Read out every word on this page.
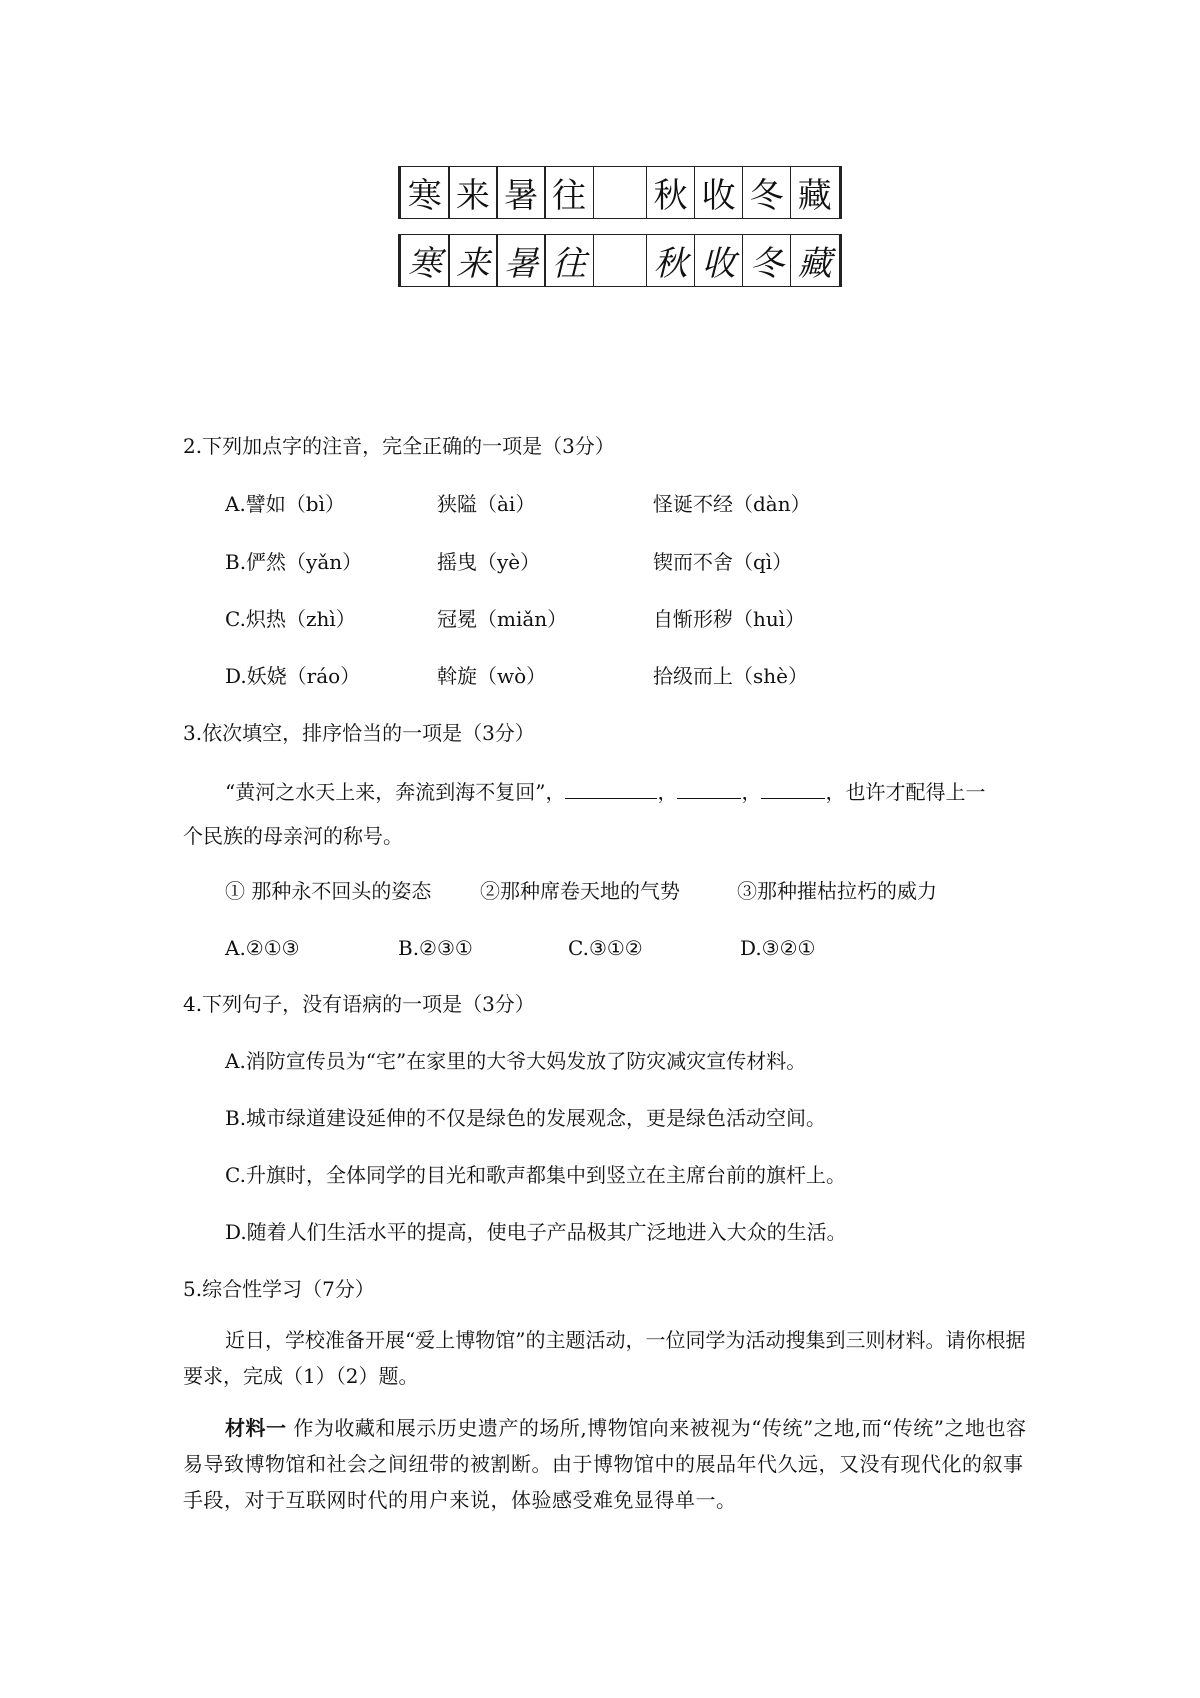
寒 来 暑 往 秋 收 冬 藏
寒 来 暑 往 秋 收 冬 藏
2.下列加点字的注音，完全正确的一项是（3分）
A.譬如（bì）	狭隘（ài）	怪诞不经（dàn）
B.俨然（yǎn）	摇曳（yè）	锲而不舍（qì）
C.炽热（zhì）	冠冕（miǎn）	自惭形秽（huì）
D.妖娆（ráo）	斡旋（wò）	拾级而上（shè）
3.依次填空，排序恰当的一项是（3分）
“黄河之水天上来，奔流到海不复回”，	，	，	，也许才配得上一
个民族的母亲河的称号。
① 那种永不回头的姿态 ②那种席卷天地的气势	③那种摧枯拉朽的威力
A.②①③	B.②③①	C.③①②	D.③②①
4.下列句子，没有语病的一项是（3分）
A.消防宣传员为“宅”在家里的大爷大妈发放了防灾减灾宣传材料。
B.城市绿道建设延伸的不仅是绿色的发展观念，更是绿色活动空间。
C.升旗时，全体同学的目光和歌声都集中到竖立在主席台前的旗杆上。
D.随着人们生活水平的提高，使电子产品极其广泛地进入大众的生活。
5.综合性学习（7分）
近日，学校准备开展“爱上博物馆”的主题活动，一位同学为活动搜集到三则材料。请你根据要求，完成（1）（2）题。
材料一 作为收藏和展示历史遗产的场所,博物馆向来被视为“传统”之地,而“传统”之地也容易导致博物馆和社会之间纽带的被割断。由于博物馆中的展品年代久远，又没有现代化的叙事手段，对于互联网时代的用户来说，体验感受难免显得单一。
